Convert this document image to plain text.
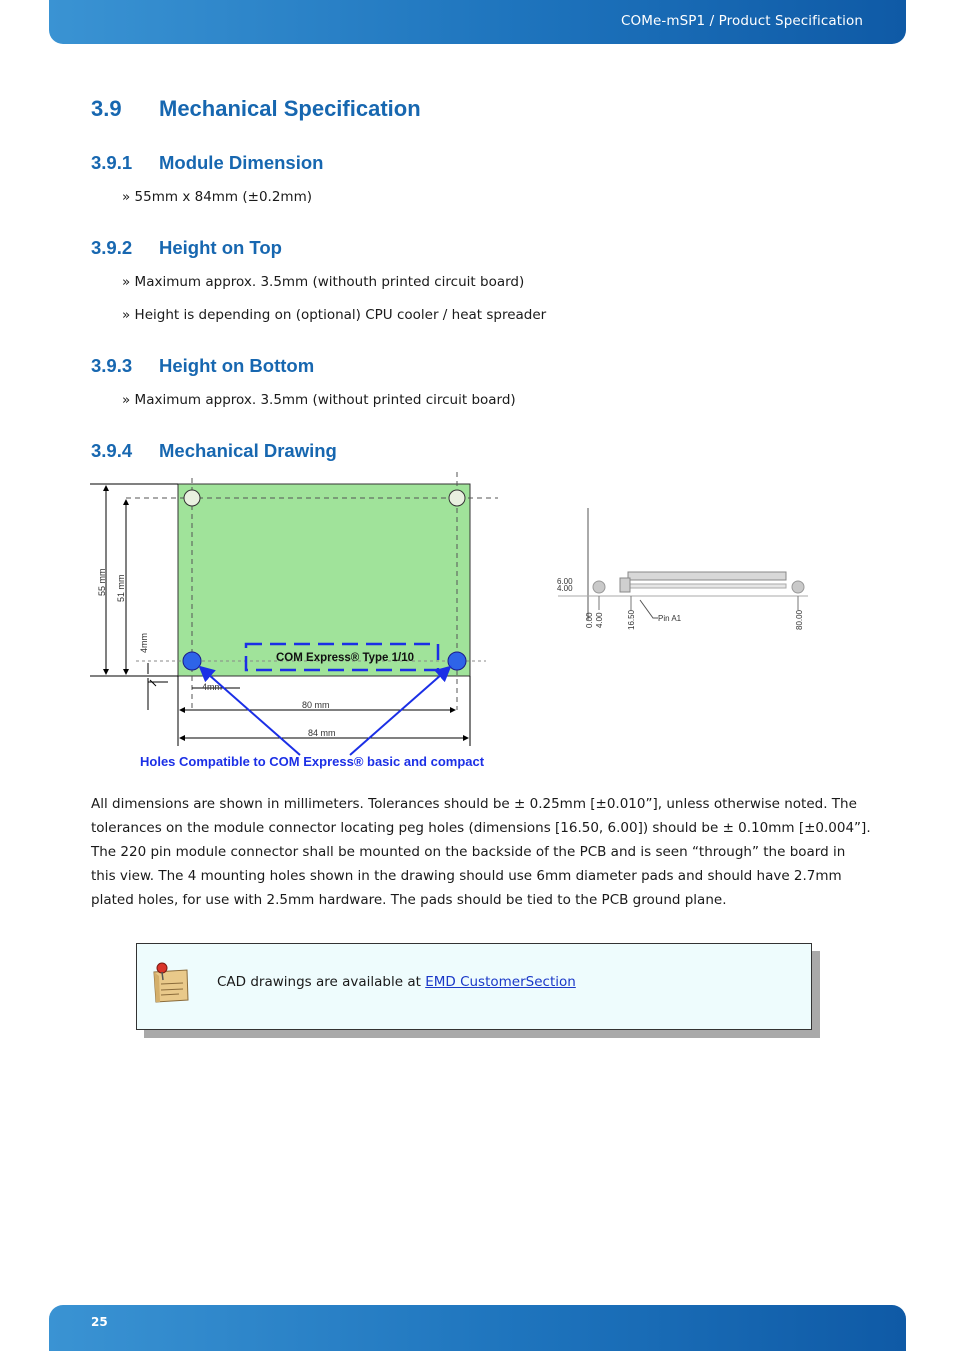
COMe-mSP1 / Product Specification
3.9 Mechanical Specification
3.9.1 Module Dimension
» 55mm x 84mm (±0.2mm)
3.9.2 Height on Top
» Maximum approx. 3.5mm (withouth printed circuit board)
» Height is depending on (optional) CPU cooler / heat spreader
3.9.3 Height on Bottom
» Maximum approx. 3.5mm (without printed circuit board)
3.9.4 Mechanical Drawing
COM Express® Type 1/10
55 mm 51 mm
4mm
4mm
80 mm
84 mm
Holes Compatible to COM Express® basic and compact
6.00
4.00
0.00 4.00	16.50	80.00
Pin A1
All dimensions are shown in millimeters. Tolerances should be ± 0.25mm [±0.010”], unless otherwise noted. The tolerances on the module connector locating peg holes (dimensions [16.50, 6.00]) should be ± 0.10mm [±0.004”]. The 220 pin module connector shall be mounted on the backside of the PCB and is seen “through” the board in this view. The 4 mounting holes shown in the drawing should use 6mm diameter pads and should have 2.7mm plated holes, for use with 2.5mm hardware. The pads should be tied to the PCB ground plane.
CAD drawings are available at EMD CustomerSection
25
